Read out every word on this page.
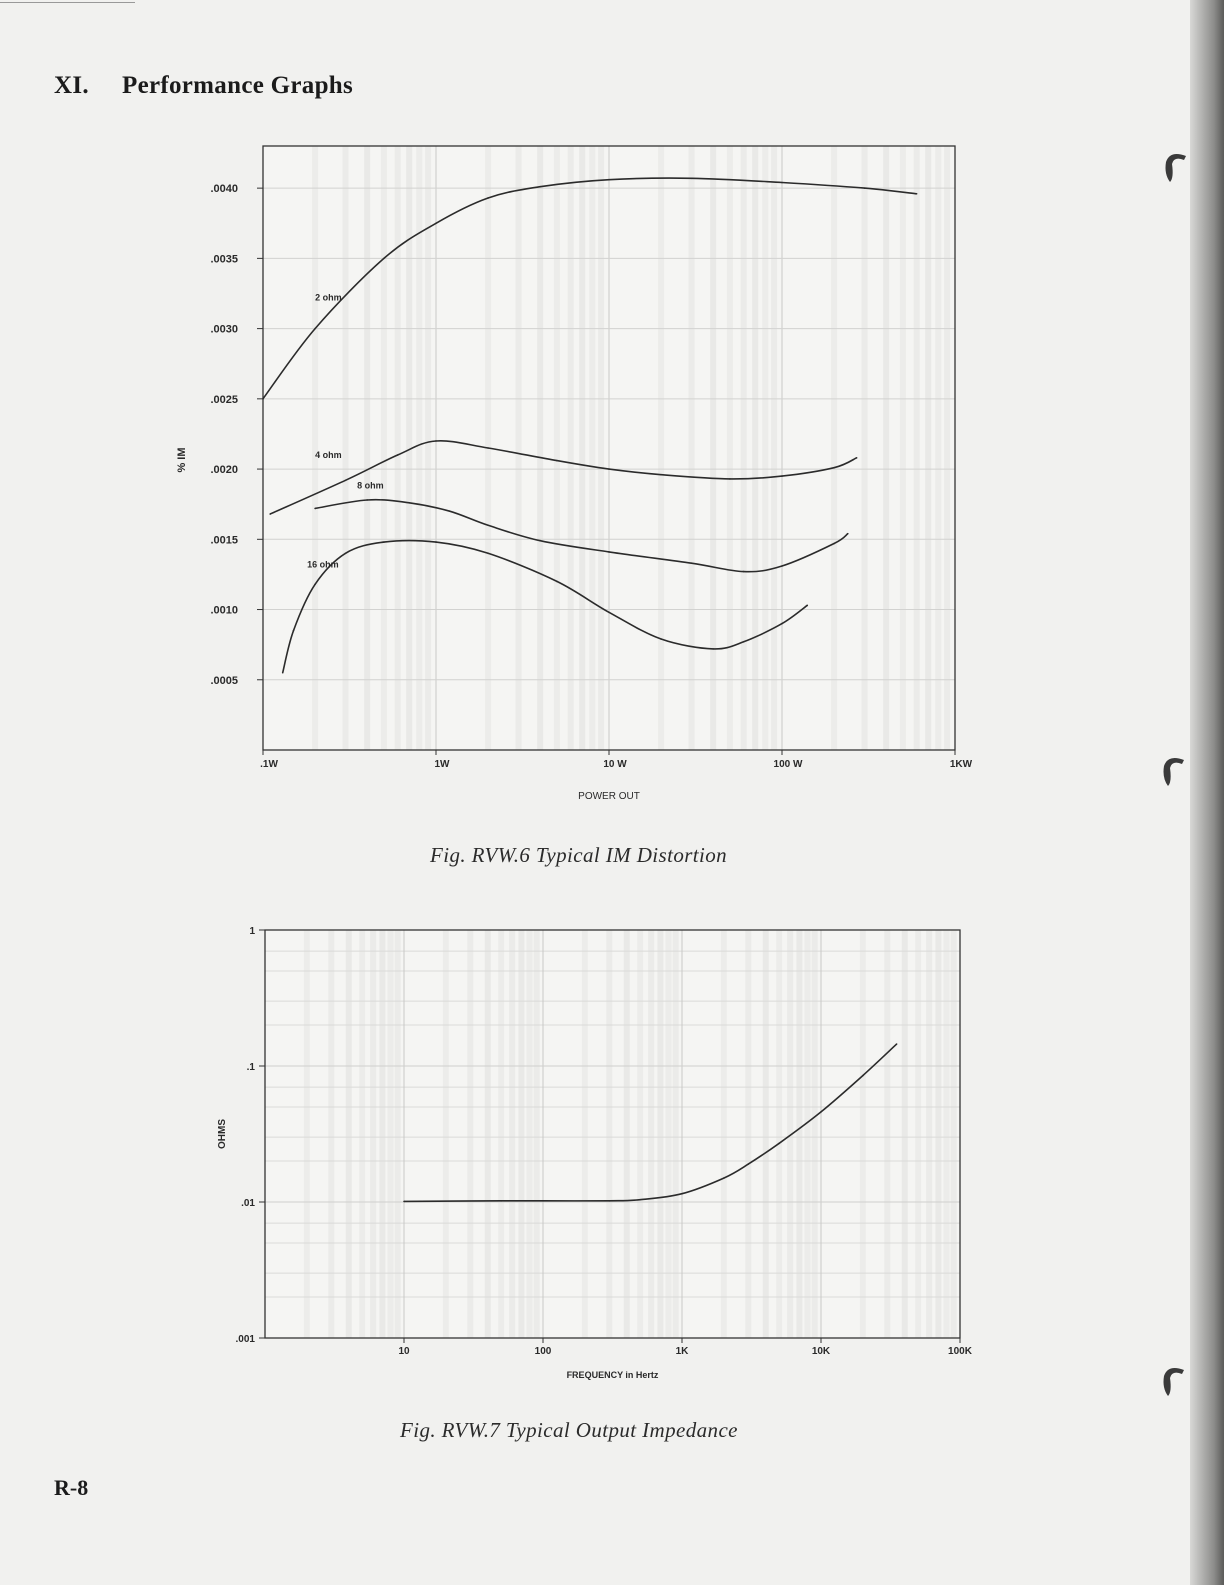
XI. Performance Graphs
.0005
.0010
.0015
.0020
.0025
.0030
.0035
.0040
.1W	1W	10 W	100 W	1KW
POWER OUT
% IM
2 ohm
4 ohm
8 ohm
16 ohm
Fig. RVW.6 Typical IM Distortion
.001
.01
.1
1
10	100	1K	10K	100K
FREQUENCY in Hertz
OHMS
Fig. RVW.7 Typical Output Impedance
R-8
